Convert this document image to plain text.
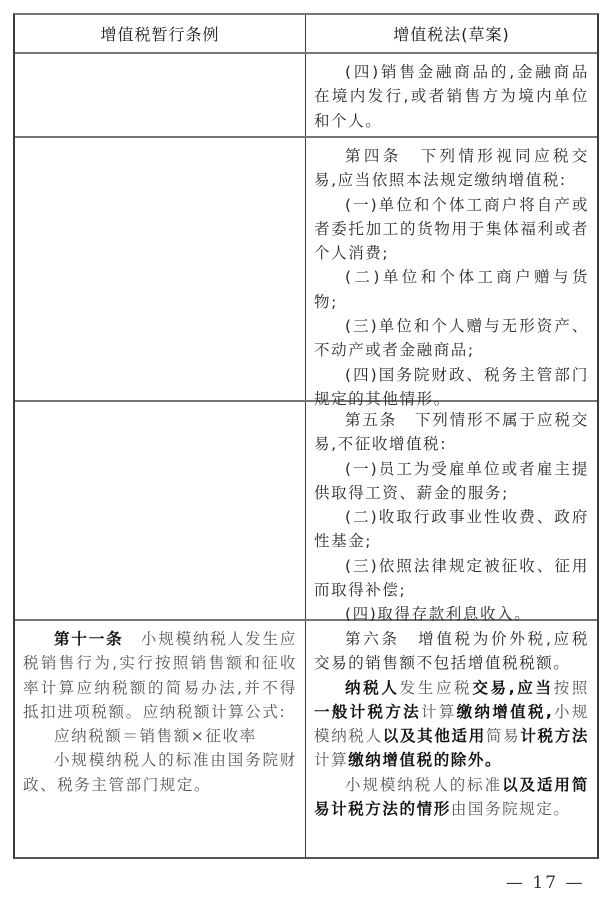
增值税暂行条例	增值税法(草案)

(四)销售金融商品的,金融商品在境内发行,或者销售方为境内单位和个人。

第四条　下列情形视同应税交易,应当依照本法规定缴纳增值税:

(一)单位和个体工商户将自产或者委托加工的货物用于集体福利或者个人消费;

(二)单位和个体工商户赠与货物;

(三)单位和个人赠与无形资产、不动产或者金融商品;

(四)国务院财政、税务主管部门规定的其他情形。

第五条　下列情形不属于应税交易,不征收增值税:

(一)员工为受雇单位或者雇主提供取得工资、薪金的服务;

(二)收取行政事业性收费、政府性基金;

(三)依照法律规定被征收、征用而取得补偿;

(四)取得存款利息收入。

第十一条　小规模纳税人发生应税销售行为,实行按照销售额和征收率计算应纳税额的简易办法,并不得抵扣进项税额。应纳税额计算公式:

应纳税额＝销售额×征收率

小规模纳税人的标准由国务院财政、税务主管部门规定。

第六条　增值税为价外税,应税交易的销售额不包括增值税税额。

纳税人发生应税交易,应当按照一般计税方法计算缴纳增值税,小规模纳税人以及其他适用简易计税方法计算缴纳增值税的除外。

小规模纳税人的标准以及适用简易计税方法的情形由国务院规定。

— 17 —
